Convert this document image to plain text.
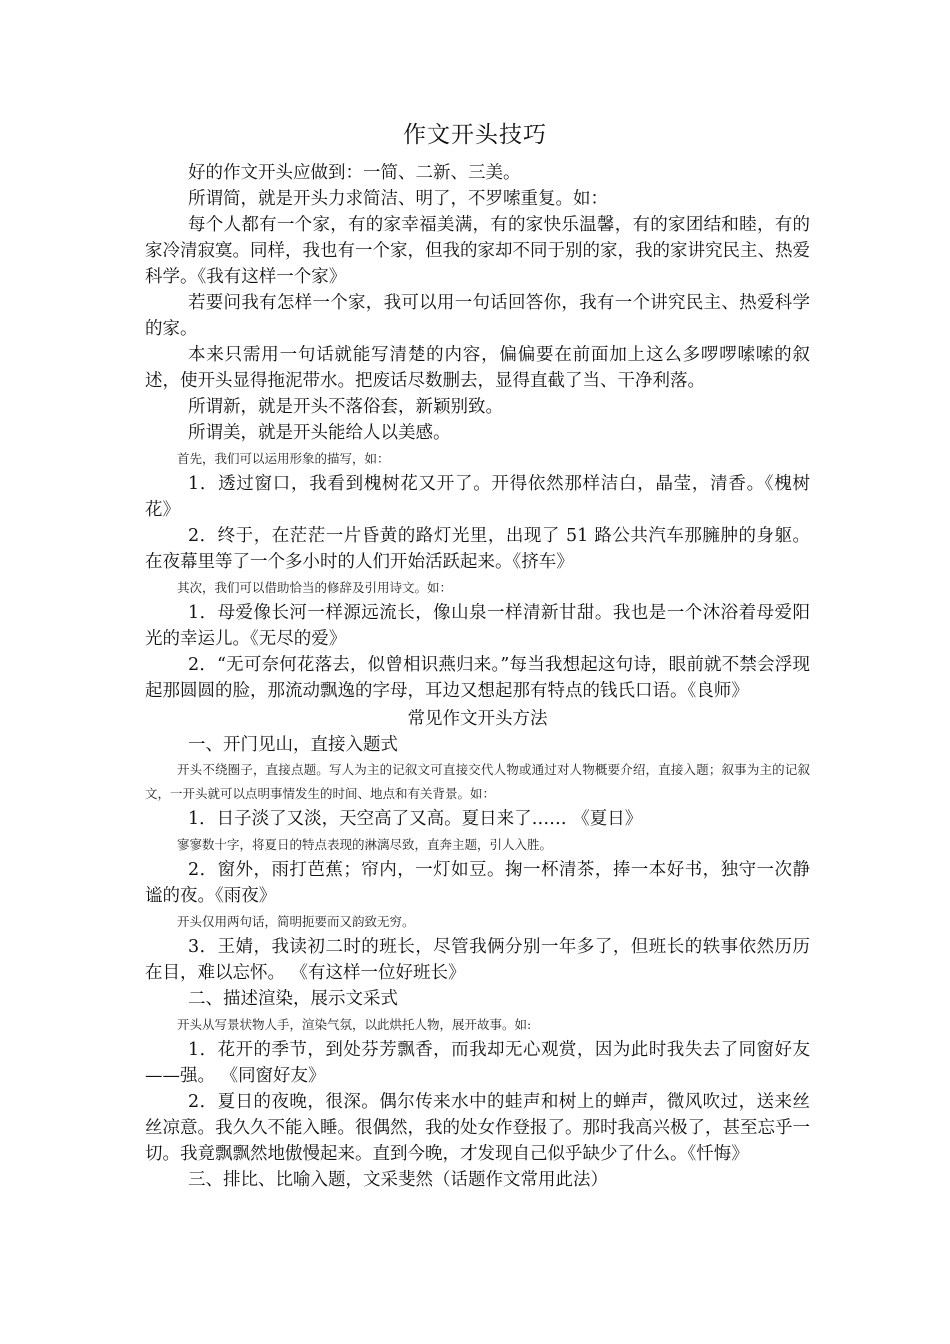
作文开头技巧

好的作文开头应做到：一简、二新、三美。

所谓简，就是开头力求简洁、明了，不罗嗦重复。如：

每个人都有一个家，有的家幸福美满，有的家快乐温馨，有的家团结和睦，有的家冷清寂寞。同样，我也有一个家，但我的家却不同于别的家，我的家讲究民主、热爱科学。《我有这样一个家》

若要问我有怎样一个家，我可以用一句话回答你，我有一个讲究民主、热爱科学的家。

本来只需用一句话就能写清楚的内容，偏偏要在前面加上这么多啰啰嗦嗦的叙述，使开头显得拖泥带水。把废话尽数删去，显得直截了当、干净利落。

所谓新，就是开头不落俗套，新颖别致。

所谓美，就是开头能给人以美感。

首先，我们可以运用形象的描写，如：

1．透过窗口，我看到槐树花又开了。开得依然那样洁白，晶莹，清香。《槐树花》

2．终于，在茫茫一片昏黄的路灯光里，出现了 51 路公共汽车那臃肿的身躯。在夜幕里等了一个多小时的人们开始活跃起来。《挤车》

其次，我们可以借助恰当的修辞及引用诗文。如：

1．母爱像长河一样源远流长，像山泉一样清新甘甜。我也是一个沐浴着母爱阳光的幸运儿。《无尽的爱》

2．“无可奈何花落去，似曾相识燕归来。”每当我想起这句诗，眼前就不禁会浮现起那圆圆的脸，那流动飘逸的字母，耳边又想起那有特点的钱氏口语。《良师》

常见作文开头方法

一、开门见山，直接入题式

开头不绕圈子，直接点题。写人为主的记叙文可直接交代人物或通过对人物概要介绍，直接入题；叙事为主的记叙文，一开头就可以点明事情发生的时间、地点和有关背景。如：

1．日子淡了又淡，天空高了又高。夏日来了…… 《夏日》

寥寥数十字，将夏日的特点表现的淋漓尽致，直奔主题，引人入胜。

2．窗外，雨打芭蕉；帘内，一灯如豆。掬一杯清茶，捧一本好书，独守一次静谧的夜。《雨夜》

开头仅用两句话，简明扼要而又韵致无穷。

3．王婧，我读初二时的班长，尽管我俩分别一年多了，但班长的轶事依然历历在目，难以忘怀。 《有这样一位好班长》

二、描述渲染，展示文采式

开头从写景状物人手，渲染气氛，以此烘托人物，展开故事。如:

1．花开的季节，到处芬芳飘香，而我却无心观赏，因为此时我失去了同窗好友——强。 《同窗好友》

2．夏日的夜晚，很深。偶尔传来水中的蛙声和树上的蝉声，微风吹过，送来丝丝凉意。我久久不能入睡。很偶然，我的处女作登报了。那时我高兴极了，甚至忘乎一切。我竟飘飘然地傲慢起来。直到今晚，才发现自己似乎缺少了什么。《忏悔》

三、排比、比喻入题，文采斐然（话题作文常用此法）
